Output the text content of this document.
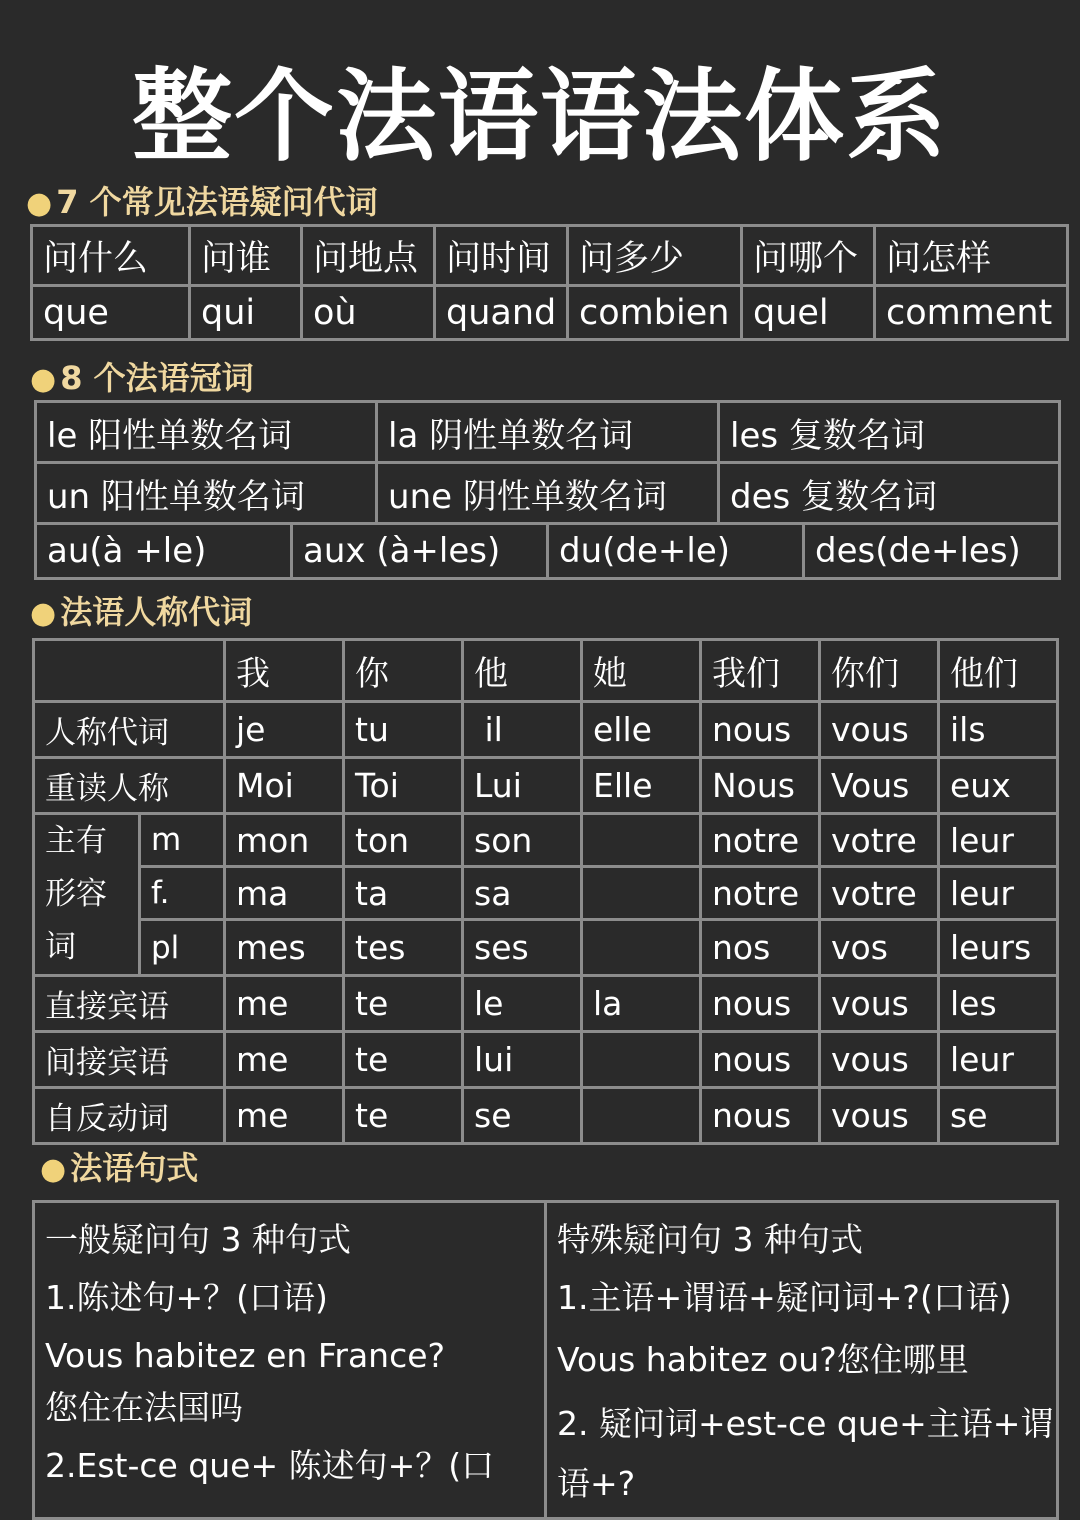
整个法语语法体系
● 7 个常见法语疑问代词
问什么	问谁	问地点	问时间	问多少	问哪个	问怎样
que	qui	où	quand	combien	quel	comment
● 8 个法语冠词
le 阳性单数名词		la 阴性单数名词		les 复数名词	
un 阳性单数名词		une 阴性单数名词		des 复数名词	
au(à +le)	aux (à+les)		du(de+le)		des(de+les)
● 法语人称代词
		我	你	他	她	我们	你们	他们
人称代词		je	tu	il	elle	nous	vous	ils
重读人称		Moi	Toi	Lui	Elle	Nous	Vous	eux

主有
形容
词	m	mon	ton	son		notre	votre	leur
	f.	ma	ta	sa		notre	votre	leur
	pl	mes	tes	ses		nos	vos	leurs
直接宾语		me	te	le	la	nous	vous	les
间接宾语		me	te	lui		nous	vous	leur
自反动词		me	te	se		nous	vous	se
● 法语句式
一般疑问句 3 种句式
1.陈述句+？(口语)
Vous habitez en France?
您住在法国吗
2.Est-ce que+ 陈述句+？(口
特殊疑问句 3 种句式
1.主语+谓语+疑问词+?(口语)
Vous habitez ou?您住哪里
2. 疑问词+est-ce que+主语+谓
语+?
